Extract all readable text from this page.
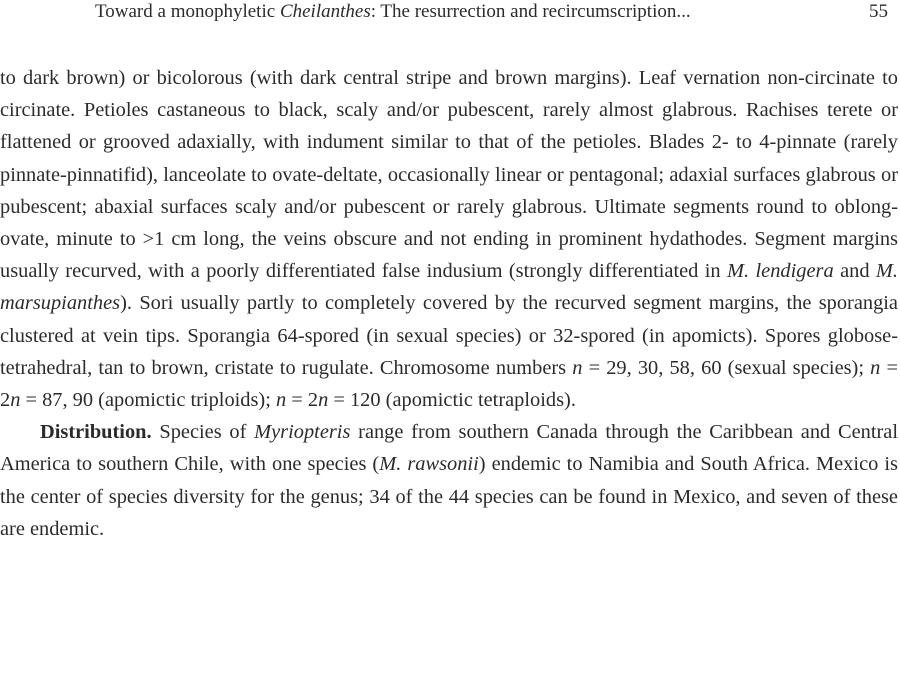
Toward a monophyletic Cheilanthes: The resurrection and recircumscription...	55

to dark brown) or bicolorous (with dark central stripe and brown margins). Leaf vernation non-circinate to circinate. Petioles castaneous to black, scaly and/or pubescent, rarely almost glabrous. Rachises terete or flattened or grooved adaxially, with indument similar to that of the petioles. Blades 2- to 4-pinnate (rarely pinnate-pinnatifid), lanceolate to ovate-deltate, occasionally linear or pentagonal; adaxial surfaces glabrous or pubescent; abaxial surfaces scaly and/or pubescent or rarely glabrous. Ultimate segments round to oblong-ovate, minute to >1 cm long, the veins obscure and not ending in prominent hydathodes. Segment margins usually recurved, with a poorly differentiated false indusium (strongly differentiated in M. lendigera and M. marsupianthes). Sori usually partly to completely covered by the recurved segment margins, the sporangia clustered at vein tips. Sporangia 64-spored (in sexual species) or 32-spored (in apomicts). Spores globose-tetrahedral, tan to brown, cristate to rugulate. Chromosome numbers n = 29, 30, 58, 60 (sexual species); n = 2n = 87, 90 (apomictic triploids); n = 2n = 120 (apomictic tetraploids).

Distribution. Species of Myriopteris range from southern Canada through the Caribbean and Central America to southern Chile, with one species (M. rawsonii) endemic to Namibia and South Africa. Mexico is the center of species diversity for the genus; 34 of the 44 species can be found in Mexico, and seven of these are endemic.
